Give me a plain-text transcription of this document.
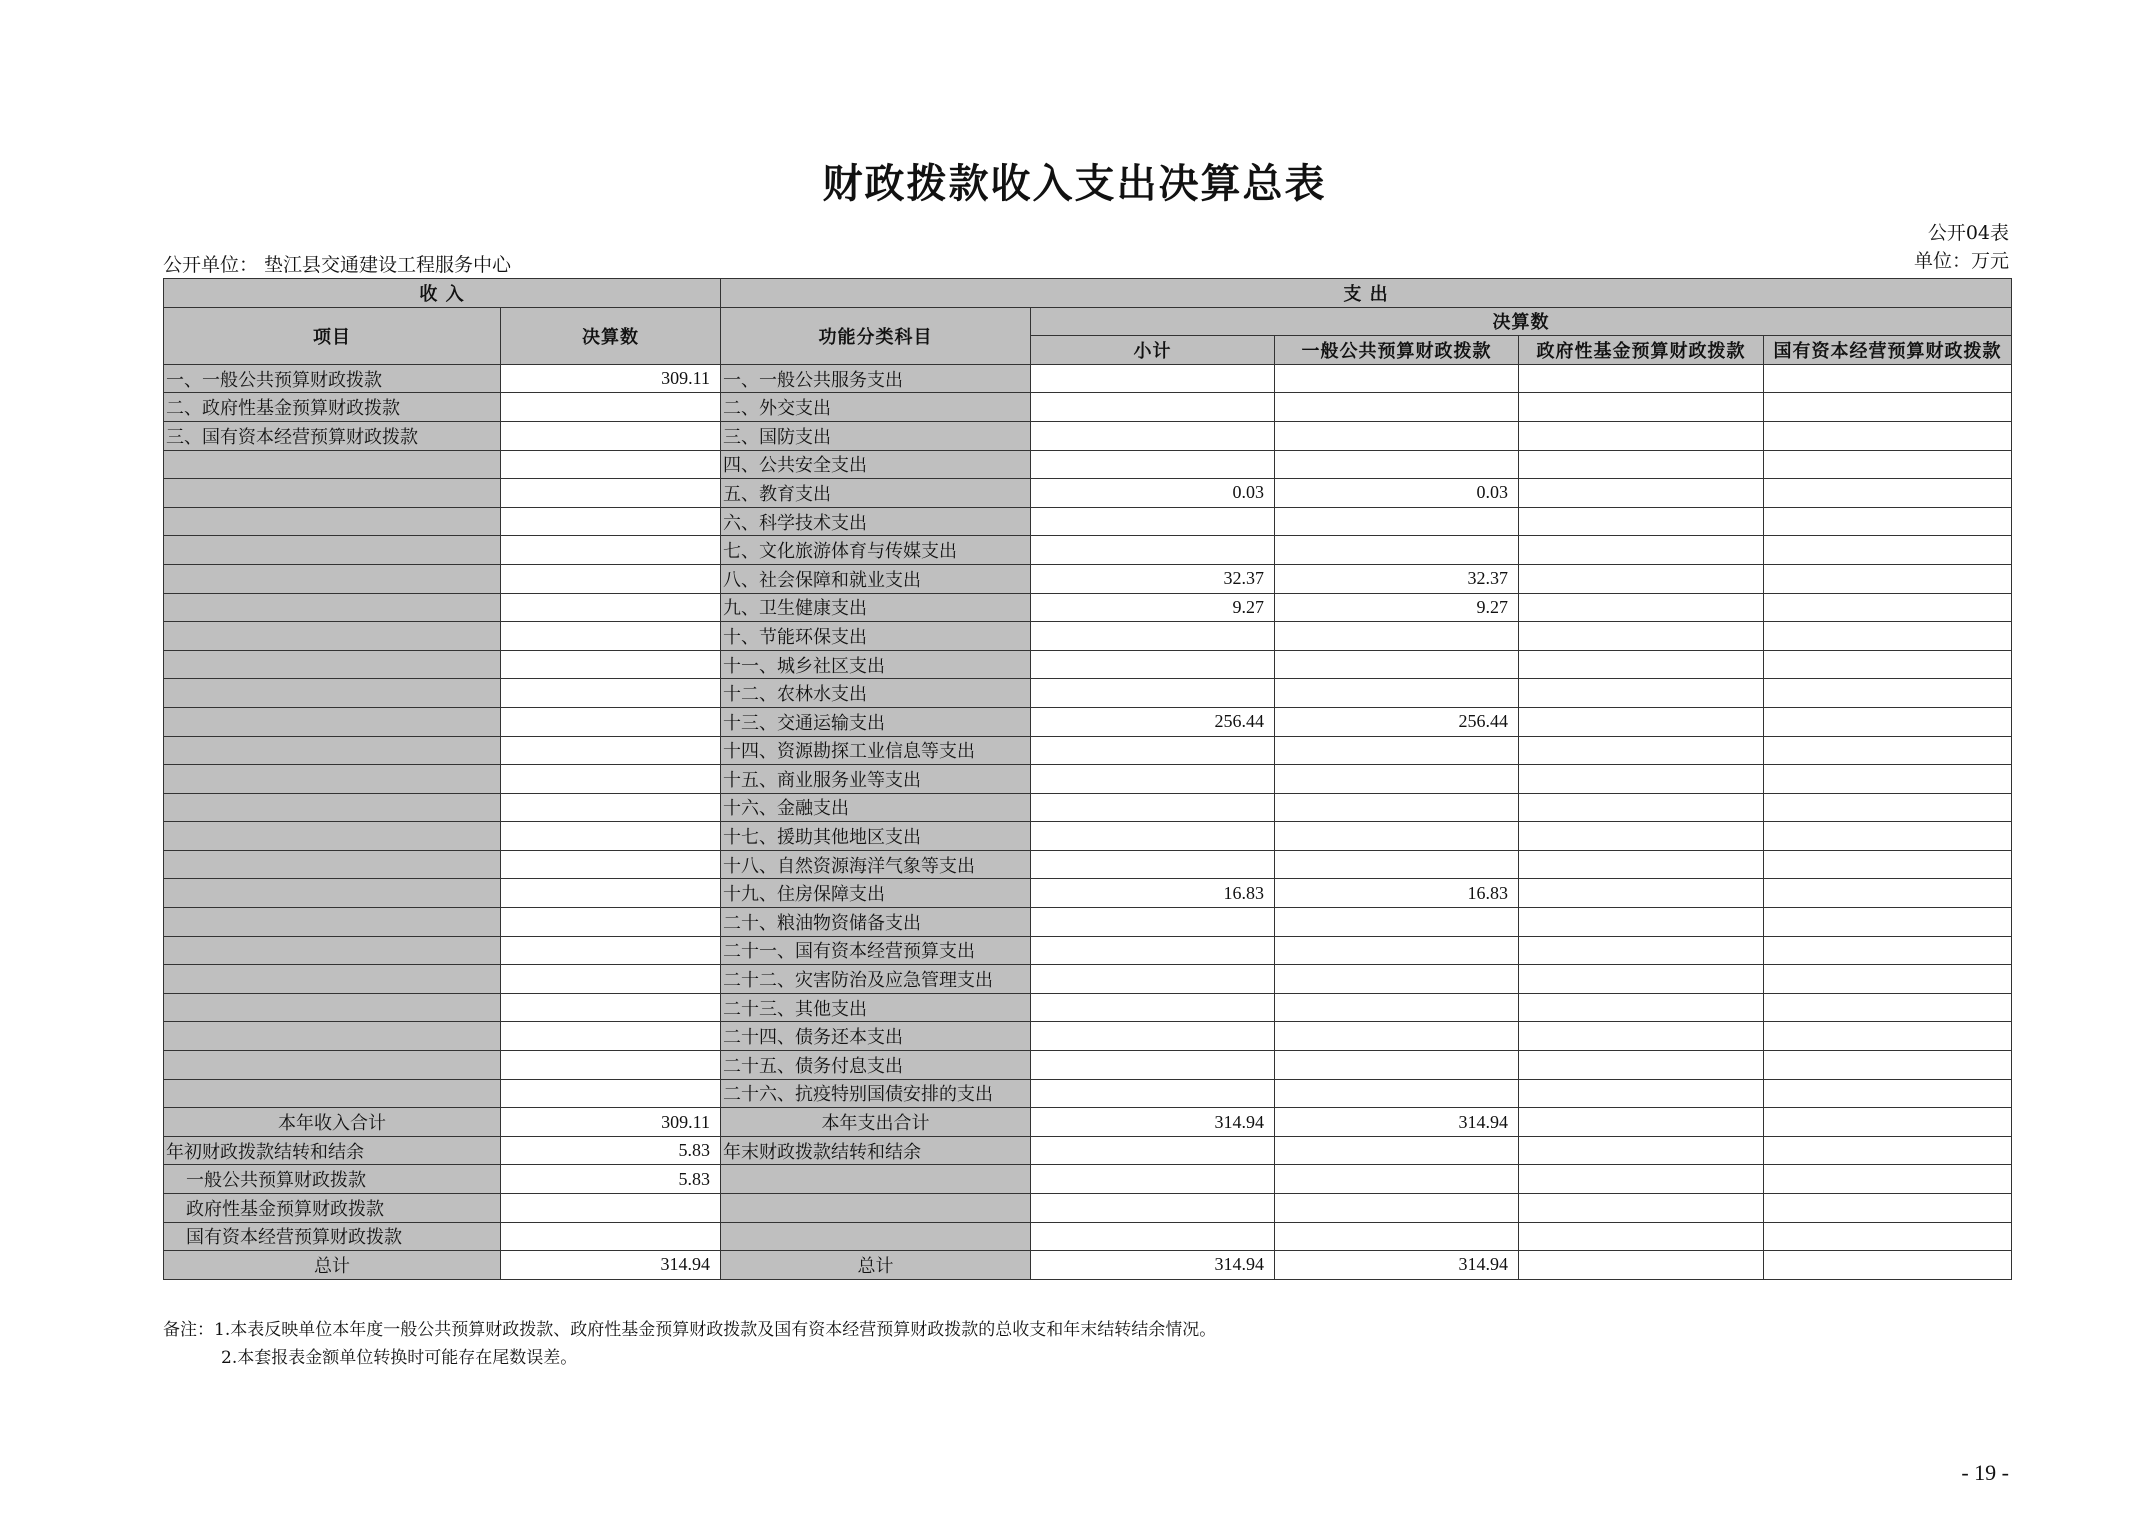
财政拨款收入支出决算总表
公开04表
单位：万元
公开单位： 垫江县交通建设工程服务中心
收 入		支 出				
项目	决算数	功能分类科目	决算数			
			小计	一般公共预算财政拨款	政府性基金预算财政拨款	国有资本经营预算财政拨款
一、一般公共预算财政拨款	309.11	一、一般公共服务支出				
二、政府性基金预算财政拨款		二、外交支出				
三、国有资本经营预算财政拨款		三、国防支出				
		四、公共安全支出				
		五、教育支出	0.03	0.03		
		六、科学技术支出				
		七、文化旅游体育与传媒支出				
		八、社会保障和就业支出	32.37	32.37		
		九、卫生健康支出	9.27	9.27		
		十、节能环保支出				
		十一、城乡社区支出				
		十二、农林水支出				
		十三、交通运输支出	256.44	256.44		
		十四、资源勘探工业信息等支出				
		十五、商业服务业等支出				
		十六、金融支出				
		十七、援助其他地区支出				
		十八、自然资源海洋气象等支出				
		十九、住房保障支出	16.83	16.83		
		二十、粮油物资储备支出				
		二十一、国有资本经营预算支出				
		二十二、灾害防治及应急管理支出				
		二十三、其他支出				
		二十四、债务还本支出				
		二十五、债务付息支出				
		二十六、抗疫特别国债安排的支出				
本年收入合计	309.11	本年支出合计	314.94	314.94		
年初财政拨款结转和结余	5.83	年末财政拨款结转和结余				
一般公共预算财政拨款	5.83					
政府性基金预算财政拨款						
国有资本经营预算财政拨款						
总计	314.94	总计	314.94	314.94		
备注：1.本表反映单位本年度一般公共预算财政拨款、政府性基金预算财政拨款及国有资本经营预算财政拨款的总收支和年末结转结余情况。
2.本套报表金额单位转换时可能存在尾数误差。
- 19 -
